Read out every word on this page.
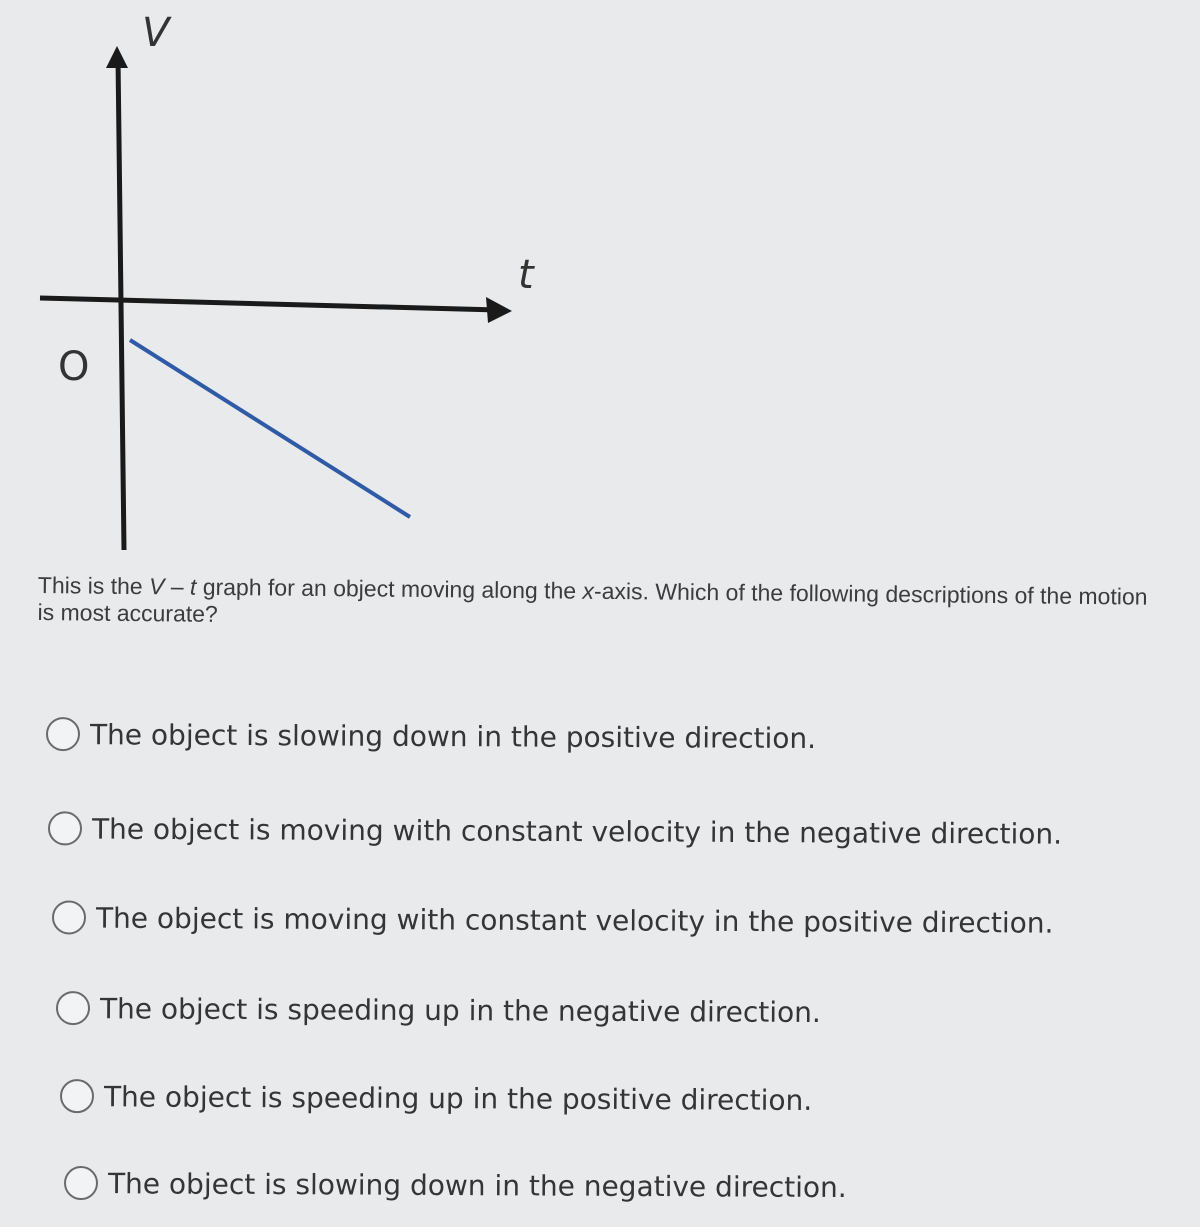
V
t
O
This is the V – t graph for an object moving along the x-axis. Which of the following descriptions of the motion is most accurate?
The object is slowing down in the positive direction.
The object is moving with constant velocity in the negative direction.
The object is moving with constant velocity in the positive direction.
The object is speeding up in the negative direction.
The object is speeding up in the positive direction.
The object is slowing down in the negative direction.
